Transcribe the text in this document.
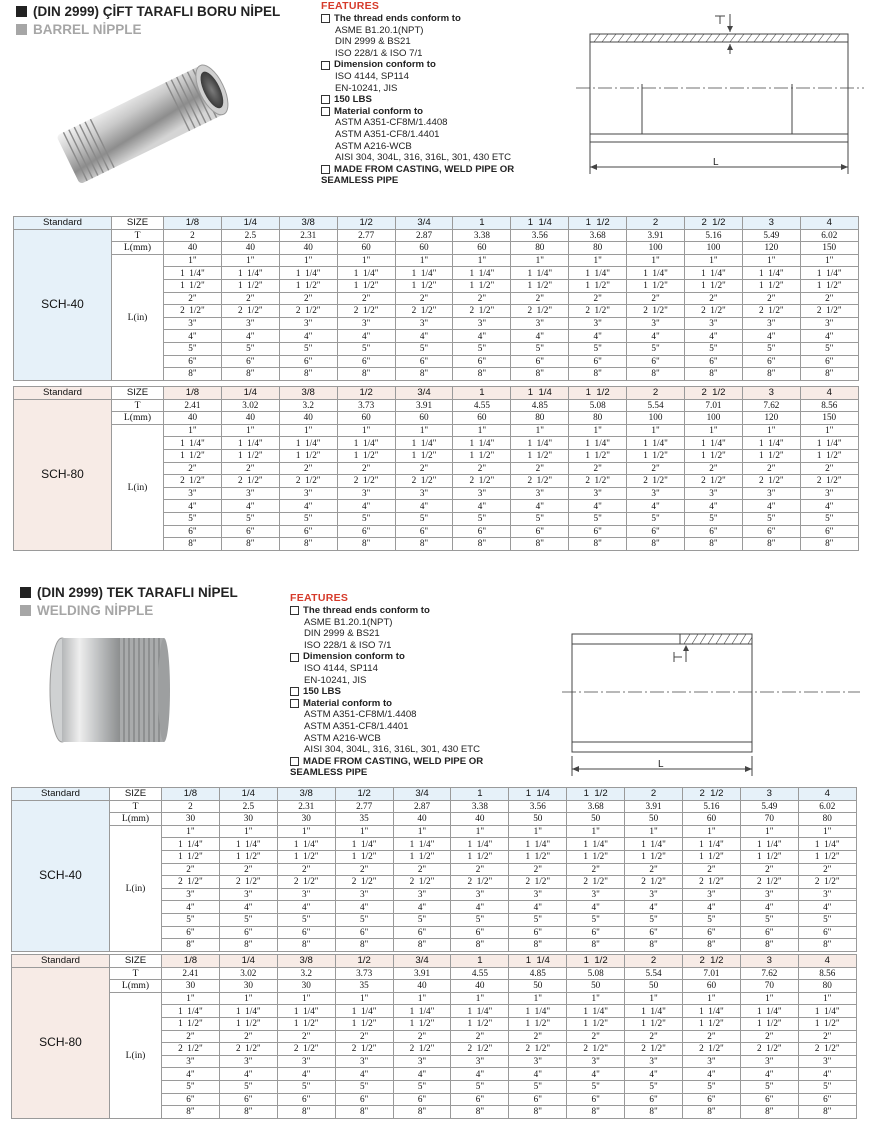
(DIN 2999) ÇİFT TARAFLI BORU NİPEL
BARREL NİPPLE
FEATURES
The thread ends conform to
ASME B1.20.1(NPT)
DIN 2999 & BS21
ISO 228/1 & ISO 7/1
Dimension conform to
ISO 4144, SP114
EN-10241, JIS
150 LBS
Material conform to
ASTM A351-CF8M/1.4408
ASTM A351-CF8/1.4401
ASTM A216-WCB
AISI 304, 304L, 316, 316L, 301, 430 ETC
MADE FROM CASTING, WELD PIPE OR
SEAMLESS PIPE
L
Standard	SIZE	1/8	1/4	3/8	1/2	3/4	1	1  1/4	1  1/2	2	2  1/2	3	4
SCH-40	T	2	2.5	2.31	2.77	2.87	3.38	3.56	3.68	3.91	5.16	5.49	6.02
	L(mm)	40	40	40	60	60	60	80	80	100	100	120	150
	L(in)	1"	1"	1"	1"	1"	1"	1"	1"	1"	1"	1"	1"
		1  1/4"	1  1/4"	1  1/4"	1  1/4"	1  1/4"	1  1/4"	1  1/4"	1  1/4"	1  1/4"	1  1/4"	1  1/4"	1  1/4"
		1  1/2"	1  1/2"	1  1/2"	1  1/2"	1  1/2"	1  1/2"	1  1/2"	1  1/2"	1  1/2"	1  1/2"	1  1/2"	1  1/2"
		2"	2"	2"	2"	2"	2"	2"	2"	2"	2"	2"	2"
		2  1/2"	2  1/2"	2  1/2"	2  1/2"	2  1/2"	2  1/2"	2  1/2"	2  1/2"	2  1/2"	2  1/2"	2  1/2"	2  1/2"
		3"	3"	3"	3"	3"	3"	3"	3"	3"	3"	3"	3"
		4"	4"	4"	4"	4"	4"	4"	4"	4"	4"	4"	4"
		5"	5"	5"	5"	5"	5"	5"	5"	5"	5"	5"	5"
		6"	6"	6"	6"	6"	6"	6"	6"	6"	6"	6"	6"
		8"	8"	8"	8"	8"	8"	8"	8"	8"	8"	8"	8"
Standard	SIZE	1/8	1/4	3/8	1/2	3/4	1	1  1/4	1  1/2	2	2  1/2	3	4
SCH-80	T	2.41	3.02	3.2	3.73	3.91	4.55	4.85	5.08	5.54	7.01	7.62	8.56
	L(mm)	40	40	40	60	60	60	80	80	100	100	120	150
	L(in)	1"	1"	1"	1"	1"	1"	1"	1"	1"	1"	1"	1"
		1  1/4"	1  1/4"	1  1/4"	1  1/4"	1  1/4"	1  1/4"	1  1/4"	1  1/4"	1  1/4"	1  1/4"	1  1/4"	1  1/4"
		1  1/2"	1  1/2"	1  1/2"	1  1/2"	1  1/2"	1  1/2"	1  1/2"	1  1/2"	1  1/2"	1  1/2"	1  1/2"	1  1/2"
		2"	2"	2"	2"	2"	2"	2"	2"	2"	2"	2"	2"
		2  1/2"	2  1/2"	2  1/2"	2  1/2"	2  1/2"	2  1/2"	2  1/2"	2  1/2"	2  1/2"	2  1/2"	2  1/2"	2  1/2"
		3"	3"	3"	3"	3"	3"	3"	3"	3"	3"	3"	3"
		4"	4"	4"	4"	4"	4"	4"	4"	4"	4"	4"	4"
		5"	5"	5"	5"	5"	5"	5"	5"	5"	5"	5"	5"
		6"	6"	6"	6"	6"	6"	6"	6"	6"	6"	6"	6"
		8"	8"	8"	8"	8"	8"	8"	8"	8"	8"	8"	8"
(DIN 2999) TEK TARAFLI NİPEL
WELDING NİPPLE
FEATURES
The thread ends conform to
ASME B1.20.1(NPT)
DIN 2999 & BS21
ISO 228/1 & ISO 7/1
Dimension conform to
ISO 4144, SP114
EN-10241, JIS
150 LBS
Material conform to
ASTM A351-CF8M/1.4408
ASTM A351-CF8/1.4401
ASTM A216-WCB
AISI 304, 304L, 316, 316L, 301, 430 ETC
MADE FROM CASTING, WELD PIPE OR
SEAMLESS PIPE
L
Standard	SIZE	1/8	1/4	3/8	1/2	3/4	1	1  1/4	1  1/2	2	2  1/2	3	4
SCH-40	T	2	2.5	2.31	2.77	2.87	3.38	3.56	3.68	3.91	5.16	5.49	6.02
	L(mm)	30	30	30	35	40	40	50	50	50	60	70	80
	L(in)	1"	1"	1"	1"	1"	1"	1"	1"	1"	1"	1"	1"
		1  1/4"	1  1/4"	1  1/4"	1  1/4"	1  1/4"	1  1/4"	1  1/4"	1  1/4"	1  1/4"	1  1/4"	1  1/4"	1  1/4"
		1  1/2"	1  1/2"	1  1/2"	1  1/2"	1  1/2"	1  1/2"	1  1/2"	1  1/2"	1  1/2"	1  1/2"	1  1/2"	1  1/2"
		2"	2"	2"	2"	2"	2"	2"	2"	2"	2"	2"	2"
		2  1/2"	2  1/2"	2  1/2"	2  1/2"	2  1/2"	2  1/2"	2  1/2"	2  1/2"	2  1/2"	2  1/2"	2  1/2"	2  1/2"
		3"	3"	3"	3"	3"	3"	3"	3"	3"	3"	3"	3"
		4"	4"	4"	4"	4"	4"	4"	4"	4"	4"	4"	4"
		5"	5"	5"	5"	5"	5"	5"	5"	5"	5"	5"	5"
		6"	6"	6"	6"	6"	6"	6"	6"	6"	6"	6"	6"
		8"	8"	8"	8"	8"	8"	8"	8"	8"	8"	8"	8"
Standard	SIZE	1/8	1/4	3/8	1/2	3/4	1	1  1/4	1  1/2	2	2  1/2	3	4
SCH-80	T	2.41	3.02	3.2	3.73	3.91	4.55	4.85	5.08	5.54	7.01	7.62	8.56
	L(mm)	30	30	30	35	40	40	50	50	50	60	70	80
	L(in)	1"	1"	1"	1"	1"	1"	1"	1"	1"	1"	1"	1"
		1  1/4"	1  1/4"	1  1/4"	1  1/4"	1  1/4"	1  1/4"	1  1/4"	1  1/4"	1  1/4"	1  1/4"	1  1/4"	1  1/4"
		1  1/2"	1  1/2"	1  1/2"	1  1/2"	1  1/2"	1  1/2"	1  1/2"	1  1/2"	1  1/2"	1  1/2"	1  1/2"	1  1/2"
		2"	2"	2"	2"	2"	2"	2"	2"	2"	2"	2"	2"
		2  1/2"	2  1/2"	2  1/2"	2  1/2"	2  1/2"	2  1/2"	2  1/2"	2  1/2"	2  1/2"	2  1/2"	2  1/2"	2  1/2"
		3"	3"	3"	3"	3"	3"	3"	3"	3"	3"	3"	3"
		4"	4"	4"	4"	4"	4"	4"	4"	4"	4"	4"	4"
		5"	5"	5"	5"	5"	5"	5"	5"	5"	5"	5"	5"
		6"	6"	6"	6"	6"	6"	6"	6"	6"	6"	6"	6"
		8"	8"	8"	8"	8"	8"	8"	8"	8"	8"	8"	8"
